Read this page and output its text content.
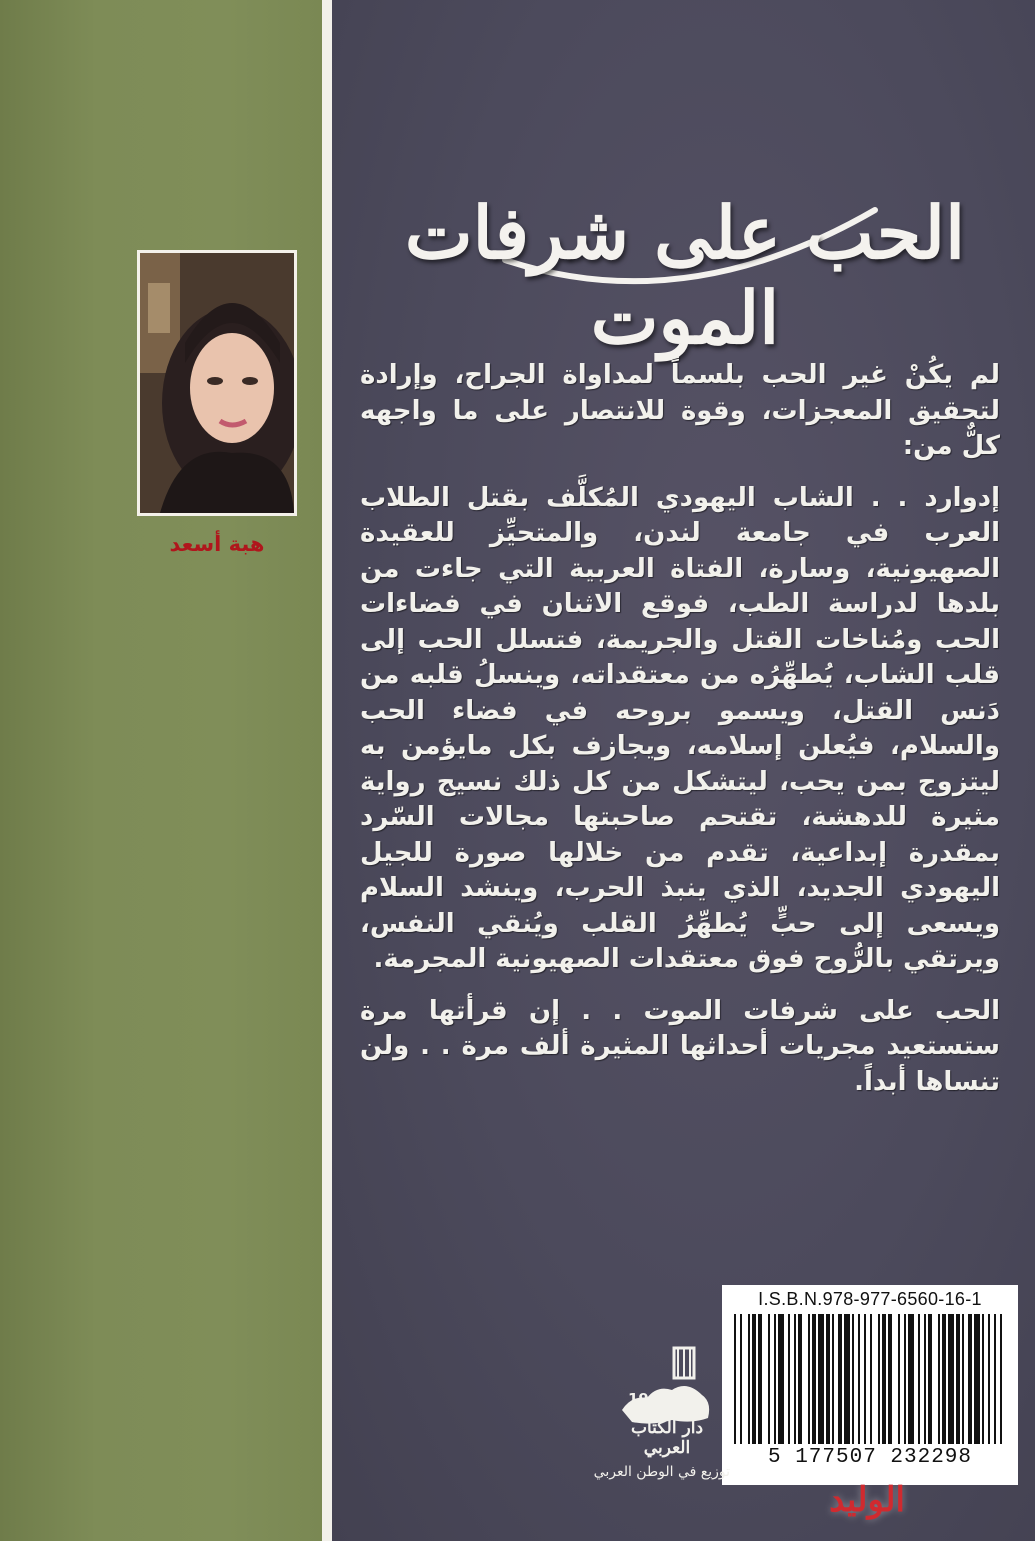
هبة أسعد
الحب على شرفات الموت

لم يكُنْ غير الحب بلسماً لمداواة الجراح، وإرادة لتحقيق المعجزات، وقوة للانتصار على ما واجهه كلٌّ من:

إدوارد . . الشاب اليهودي المُكلَّف بقتل الطلاب العرب في جامعة لندن، والمتحيِّز للعقيدة الصهيونية، وسارة، الفتاة العربية التي جاءت من بلدها لدراسة الطب، فوقع الاثنان في فضاءات الحب ومُناخات القتل والجريمة، فتسلل الحب إلى قلب الشاب، يُطهِّرُه من معتقداته، وينسلُ قلبه من دَنس القتل، ويسمو بروحه في فضاء الحب والسلام، فيُعلن إسلامه، ويجازف بكل مايؤمن به ليتزوج بمن يحب، ليتشكل من كل ذلك نسيج رواية مثيرة للدهشة، تقتحم صاحبتها مجالات السّرد بمقدرة إبداعية، تقدم من خلالها صورة للجيل اليهودي الجديد، الذي ينبذ الحرب، وينشد السلام ويسعى إلى حبٍّ يُطهِّرُ القلب ويُنقي النفس، ويرتقي بالرُّوح فوق معتقدات الصهيونية المجرمة.

الحب على شرفات الموت . . إن قرأتها مرة ستستعيد مجريات أحداثها المثيرة ألف مرة . . ولن تنساها أبداً.

I.S.B.N.978-977-6560-16-1
5 177507 232298
1980
دار الكتاب العربي
توزيع في الوطن العربي
الوليد
